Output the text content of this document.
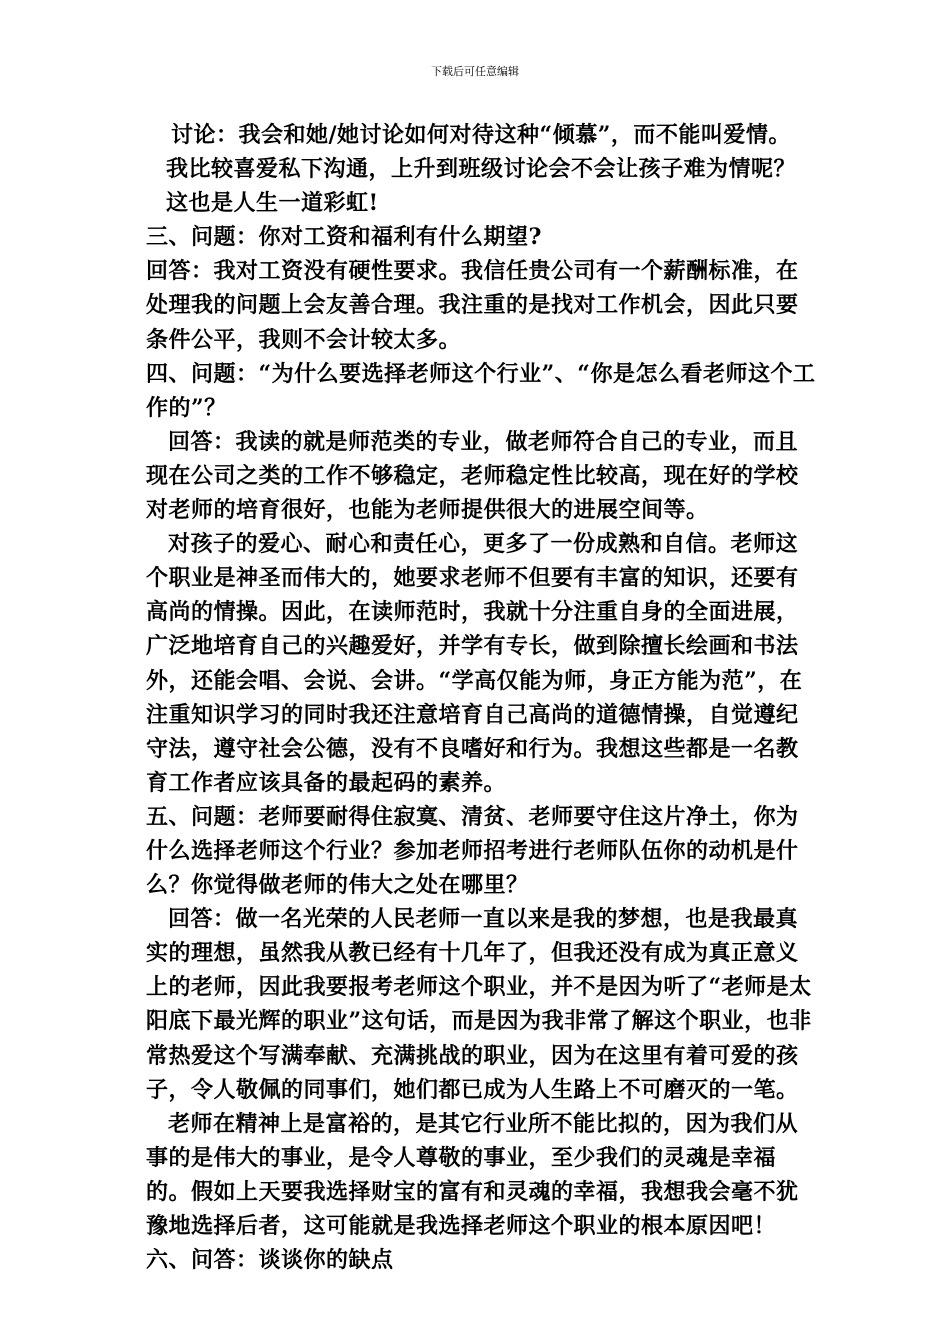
下载后可任意编辑

讨论：我会和她/她讨论如何对待这种“倾慕”，而不能叫爱情。

我比较喜爱私下沟通，上升到班级讨论会不会让孩子难为情呢？

这也是人生一道彩虹!

三、问题：你对工资和福利有什么期望?

回答：我对工资没有硬性要求。我信任贵公司有一个薪酬标准，在处理我的问题上会友善合理。我注重的是找对工作机会，因此只要条件公平，我则不会计较太多。

四、问题：“为什么要选择老师这个行业”、“你是怎么看老师这个工作的”？

回答：我读的就是师范类的专业，做老师符合自己的专业，而且现在公司之类的工作不够稳定，老师稳定性比较高，现在好的学校对老师的培育很好，也能为老师提供很大的进展空间等。

对孩子的爱心、耐心和责任心，更多了一份成熟和自信。老师这个职业是神圣而伟大的，她要求老师不但要有丰富的知识，还要有高尚的情操。因此，在读师范时，我就十分注重自身的全面进展，广泛地培育自己的兴趣爱好，并学有专长，做到除擅长绘画和书法外，还能会唱、会说、会讲。“学高仅能为师，身正方能为范”，在注重知识学习的同时我还注意培育自己高尚的道德情操，自觉遵纪守法，遵守社会公德，没有不良嗜好和行为。我想这些都是一名教育工作者应该具备的最起码的素养。

五、问题：老师要耐得住寂寞、清贫、老师要守住这片净土，你为什么选择老师这个行业？参加老师招考进行老师队伍你的动机是什么？你觉得做老师的伟大之处在哪里？

回答：做一名光荣的人民老师一直以来是我的梦想，也是我最真实的理想，虽然我从教已经有十几年了，但我还没有成为真正意义上的老师，因此我要报考老师这个职业，并不是因为听了“老师是太阳底下最光辉的职业”这句话，而是因为我非常了解这个职业，也非常热爱这个写满奉献、充满挑战的职业，因为在这里有着可爱的孩子，令人敬佩的同事们，她们都已成为人生路上不可磨灭的一笔。

老师在精神上是富裕的，是其它行业所不能比拟的，因为我们从事的是伟大的事业，是令人尊敬的事业，至少我们的灵魂是幸福的。假如上天要我选择财宝的富有和灵魂的幸福，我想我会毫不犹豫地选择后者，这可能就是我选择老师这个职业的根本原因吧！

六、问答：谈谈你的缺点
